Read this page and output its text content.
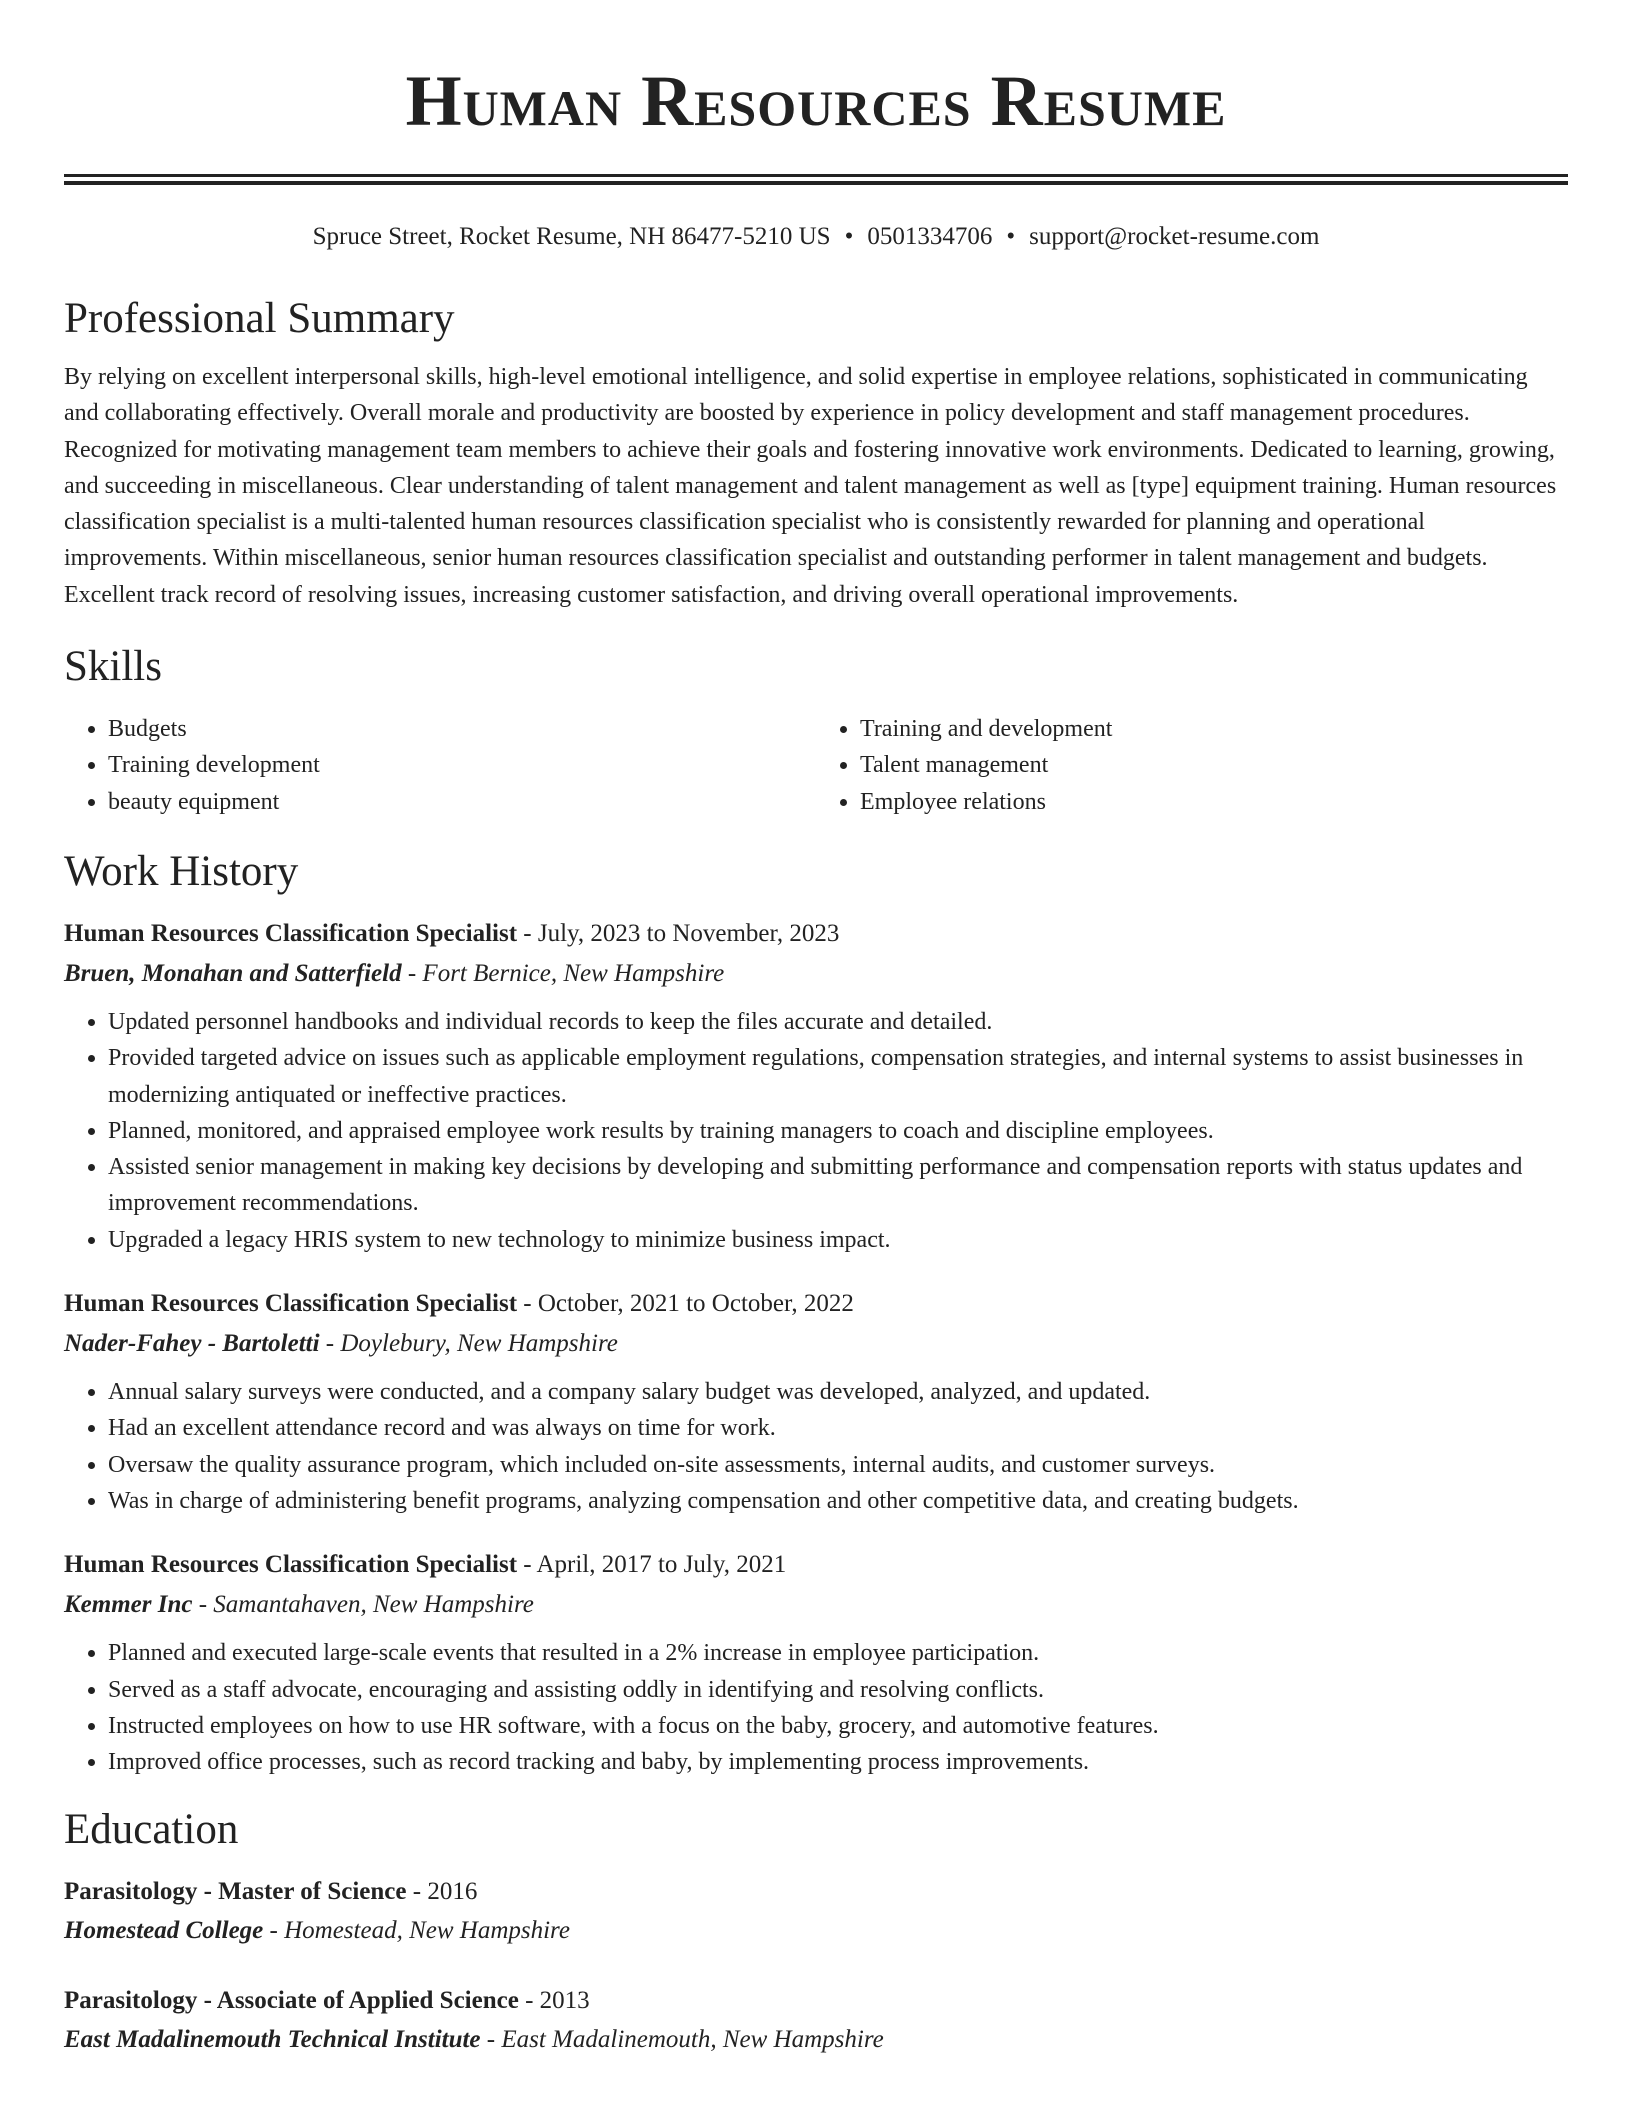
Human Resources Resume
Spruce Street, Rocket Resume, NH 86477-5210 US • 0501334706 • support@rocket-resume.com
Professional Summary

By relying on excellent interpersonal skills, high-level emotional intelligence, and solid expertise in employee relations, sophisticated in communicating and collaborating effectively. Overall morale and productivity are boosted by experience in policy development and staff management procedures. Recognized for motivating management team members to achieve their goals and fostering innovative work environments. Dedicated to learning, growing, and succeeding in miscellaneous. Clear understanding of talent management and talent management as well as [type] equipment training. Human resources classification specialist is a multi-talented human resources classification specialist who is consistently rewarded for planning and operational improvements. Within miscellaneous, senior human resources classification specialist and outstanding performer in talent management and budgets. Excellent track record of resolving issues, increasing customer satisfaction, and driving overall operational improvements.

Skills
• Budgets
• Training development
• beauty equipment
• Training and development
• Talent management
• Employee relations
Work History
Human Resources Classification Specialist - July, 2023 to November, 2023
Bruen, Monahan and Satterfield - Fort Bernice, New Hampshire
• Updated personnel handbooks and individual records to keep the files accurate and detailed.
• Provided targeted advice on issues such as applicable employment regulations, compensation strategies, and internal systems to assist businesses in modernizing antiquated or ineffective practices.
• Planned, monitored, and appraised employee work results by training managers to coach and discipline employees.
• Assisted senior management in making key decisions by developing and submitting performance and compensation reports with status updates and improvement recommendations.
• Upgraded a legacy HRIS system to new technology to minimize business impact.
Human Resources Classification Specialist - October, 2021 to October, 2022
Nader-Fahey - Bartoletti - Doylebury, New Hampshire
• Annual salary surveys were conducted, and a company salary budget was developed, analyzed, and updated.
• Had an excellent attendance record and was always on time for work.
• Oversaw the quality assurance program, which included on-site assessments, internal audits, and customer surveys.
• Was in charge of administering benefit programs, analyzing compensation and other competitive data, and creating budgets.
Human Resources Classification Specialist - April, 2017 to July, 2021
Kemmer Inc - Samantahaven, New Hampshire
• Planned and executed large-scale events that resulted in a 2% increase in employee participation.
• Served as a staff advocate, encouraging and assisting oddly in identifying and resolving conflicts.
• Instructed employees on how to use HR software, with a focus on the baby, grocery, and automotive features.
• Improved office processes, such as record tracking and baby, by implementing process improvements.
Education
Parasitology - Master of Science - 2016
Homestead College - Homestead, New Hampshire
Parasitology - Associate of Applied Science - 2013
East Madalinemouth Technical Institute - East Madalinemouth, New Hampshire
